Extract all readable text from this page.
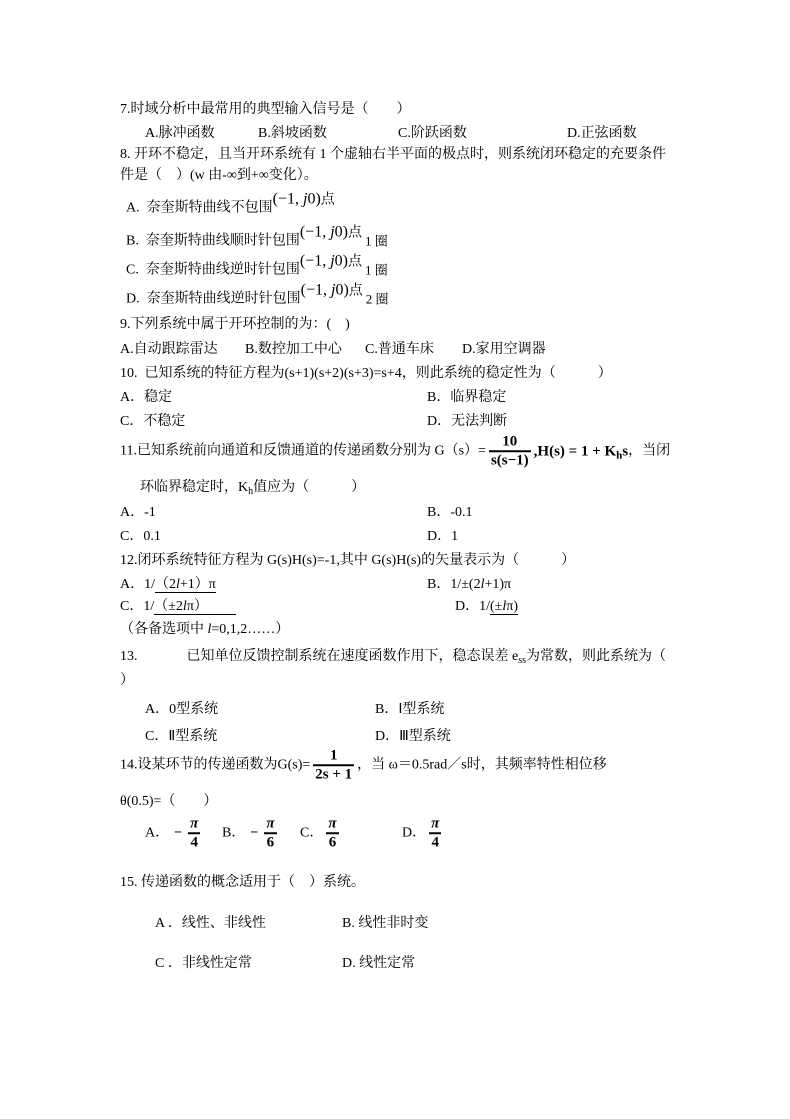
7.时域分析中最常用的典型输入信号是（　　）
A.脉冲函数	B.斜坡函数	C.阶跃函数	D.正弦函数
8. 开环不稳定，且当开环系统有 1 个虚轴右半平面的极点时，则系统闭环稳定的充要条件
件是（　）(w 由-∞到+∞变化）。
A.  奈奎斯特曲线不包围 (−1, j 0) 点
B.  奈奎斯特曲线顺时针包围 (−1, j 0) 点 1 圈
C.  奈奎斯特曲线逆时针包围 (−1, j 0) 点 1 圈
D.  奈奎斯特曲线逆时针包围 (−1, j 0) 点 2 圈
9.下列系统中属于开环控制的为：(　)
A.自动跟踪雷达 B.数控加工中心 C.普通车床 D.家用空调器
10.  已知系统的特征方程为(s+1)(s+2)(s+3)=s+4，则此系统的稳定性为（　　　）
A．稳定	B．临界稳定
C．不稳定	D．无法判断
11.已知系统前向通道和反馈通道的传递函数分别为 $G(s)= \frac{10}{s(s-1)} ,H(s) = 1 + K$ h s ，当闭
环临界稳定时，K h 值应为（　　　）
A．-1	B．-0.1
C．0.1	D．1
12.闭环系统特征方程为 G(s)H(s)=-1,其中 G(s)H(s)的矢量表示为（　　　）
A．1/ （2 l +1）π	B．1/ ±(2 l +1)π
C．1/ （±2 l π）	D．1/ (± l π)
（各备选项中 l =0,1,2……）
13.	已知单位反馈控制系统在速度函数作用下，稳态误差 e ss 为常数，则此系统为（
）
A．0型系统	B．Ⅰ型系统
C．Ⅱ型系统	D．Ⅲ型系统
14.设某环节的传递函数为$G(s)= \frac{1}{2s + 1}$ ，当 ω＝0.5rad／s时，其频率特性相位移
θ(0.5)=（　　）
A． − $\frac{\pi}{4}$ B． − $\frac{\pi}{6}$ C． $\frac{\pi}{6}$	D． $\frac{\pi}{4}$
15. 传递函数的概念适用于（　）系统。
A ．线性、非线性	B. 线性非时变
C ．非线性定常	D. 线性定常
